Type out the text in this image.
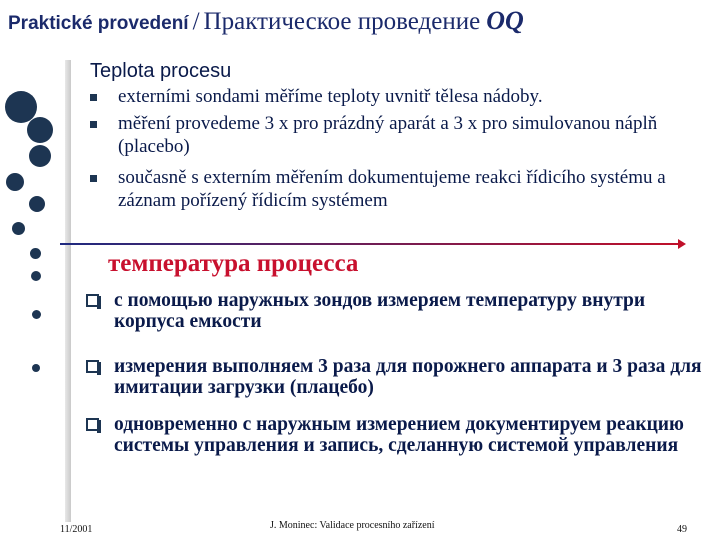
Praktické provedení / Практическое проведение OQ
Teplota procesu
externími sondami měříme teploty uvnitř tělesa nádoby.
měření provedeme 3 x pro prázdný aparát a 3 x pro simulovanou náplň (placebo)
současně s externím měřením dokumentujeme reakci řídicího systému a záznam pořízený řídicím systémem
температура процесса
с помощью наружных зондов измеряем температуру внутри корпуса емкости
измерения выполняем 3 раза для порожнего аппарата и 3 раза для имитации загрузки (плацебо)
одновременно с наружным измерением документируем реакцию системы управления и запись, сделанную системой управления
11/2001	J. Moninec: Validace procesního zařízení	49
